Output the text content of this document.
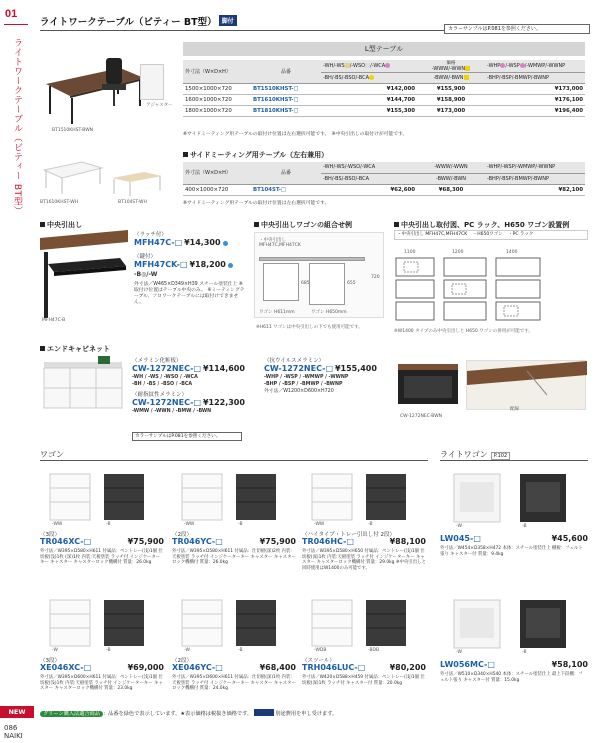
01
ライトワークテーブル（ビティー BT型）
NEW
086 NAIKI
ライトワークテーブル（ビティー BT型） 脚付
カラーサンプルはP.081を参照ください。
BT1510KHST-BWN
アジャスター
BT1610KHST-WH	BT104ST-WH
L型テーブル
外寸法（W×D×H）	品番	-WH/-WS /-WSO /-WCA	価格
-WWW/-WWN	-WHP /-WSP /-WMWP/-WWNP
		-BH/-BS/-BSO/-BCA	-BWW/-BWN	-BHP/-BSP/-BMWP/-BWNP
1500×1000×720	BT1510KHST-□	¥142,000	¥155,900	¥173,000
1600×1000×720	BT1610KHST-□	¥144,700	¥158,900	¥176,100
1800×1000×720	BT1810KHST-□	¥155,300	¥173,000	¥196,400
※サイドミーティング用テーブルの取付け位置は左右選択可能です。　※中央引出しの取付けが可能です。
サイドミーティング用テーブル（左右兼用）
外寸法（W×D×H）	品番	-WH/-WS/-WSO/-WCA	-WWW/-WWN	-WHP/-WSP/-WMWP/-WWNP
		-BH/-BS/-BSO/-BCA	-BWW/-BWN	-BHP/-BSP/-BMWP/-BWNP
400×1000×720	BT104ST-□	¥62,600	¥68,300	¥82,100
※サイドミーティング用テーブルの取付け位置は左右選択可能です。
中央引出し
MFH47C-B
（ラッチ付）
MFH47C-□ ¥14,300
（鍵付）
MFH47CK-□ ¥18,200
-B◎/-W
外寸法／W465×D349×H39 スチール塗装仕上 ※取付け位置はテーブル中央のみ。 ※ミーティングテーブル、ソロワークテーブルには取付けできません。
中央引出しワゴンの組合せ例
・中央引出し MFH47C,MFH47CK
685	655
720
ワゴン H611mm	ワゴン H650mm
※H611 ワゴンは中央引出しの下でも使用可能です。
中央引出し取付図、PC ラック、H650 ワゴン設置例
・中央引出し MFH47C,MFH47CK ・H650ワゴン ・PC ラック
1100	1200	1400
※W1400 タイプのみ中央引出しと H650 ワゴンの併用が可能です。
エンドキャビネット
（メラミン化粧板）
CW-1272NEC-□ ¥114,600
-WH / -WS / -WSO / -WCA
-BH / -BS / -BSO / -BCA
（耐指紋性メラミン）
CW-1272NEC-□ ¥122,300
-WMW / -WWN / -BMW / -BWN
（抗ウイルスメラミン）
CW-1272NEC-□ ¥155,400
-WHP / -WSP / -WMWP / -WWNP
-BHP / -BSP / -BMWP / -BWNP
外寸法／W1200×D600×H720
CW-1272NEC-BWN
配線
カラーサンプルはP.081を参照ください。
ワゴン	ライトワゴン P.102
-WW	-B
（3段）
TR046XC-□	¥75,900
外寸法／W395×D580×H611 付属品：ペントレー(浅)1個 仕切板(浅)1枚 (深)1枚 内装:天板塗装 ラッチ付 インジケーターキー キャスター キャスターロック機構付 質量：26.0kg
-WW	-B
（2段）
TR046YC-□	¥75,900
外寸法／W395×D580×H611 付属品：仕切板(深)2枚 内装:天板塗装 ラッチ付 インジケーターキー キャスター キャスターロック機構付 質量：26.0kg
-WW	-B
（ハイタイプ・トレー引出し付 2段）
TR046HC-□	¥88,100
外寸法／W395×D580×H650 付属品：ペントレー(浅)1個 仕切板(深)1枚 内装:天板塗装 ラッチ付 インジケーターキー キャスター キャスターロック機構付 質量：29.0kg ※中央引出しと同時使用はW1400のみ可能です。
-W	-B
（3段）
XE046XC-□	¥69,000
外寸法／W395×D600×H611 付属品：ペントレー(浅)1個 仕切板(浅)1枚 内装:天板塗装 ラッチ付 インジケーターキー キャスター キャスターロック機構付 質量：23.0kg
-W	-B
（2段）
XE046YC-□	¥68,400
外寸法／W395×D600×H611 付属品：仕切板(深)1枚 内装:天板塗装 ラッチ付 インジケーターキー キャスター キャスターロック機構付 質量：24.0kg
-WDB	-BDB
（スツール）
TRH046LUC-□	¥80,200
外寸法／W420×D588×H459 付属品：ペントレー(浅)1個 仕切板(深)1枚 ラッチ付 キャスター付 質量：20.0kg
-W	-B
LW045-□	¥45,600
外寸法／W454×D358×H472 本体：スチール塗装仕上 棚板：フェルト張り キャスター付 質量：9.4kg
-W	-B
LW056MC-□	¥58,100
外寸法／W510×D340×H540 本体：スチール塗装仕上 最上下段棚：フェルト張り キャスター付 質量：15.0kg
グリーン購入法適合商品 ：品番を緑色で表示しています。★表示価格は税抜き価格です。	別途費用を申し受けます。
